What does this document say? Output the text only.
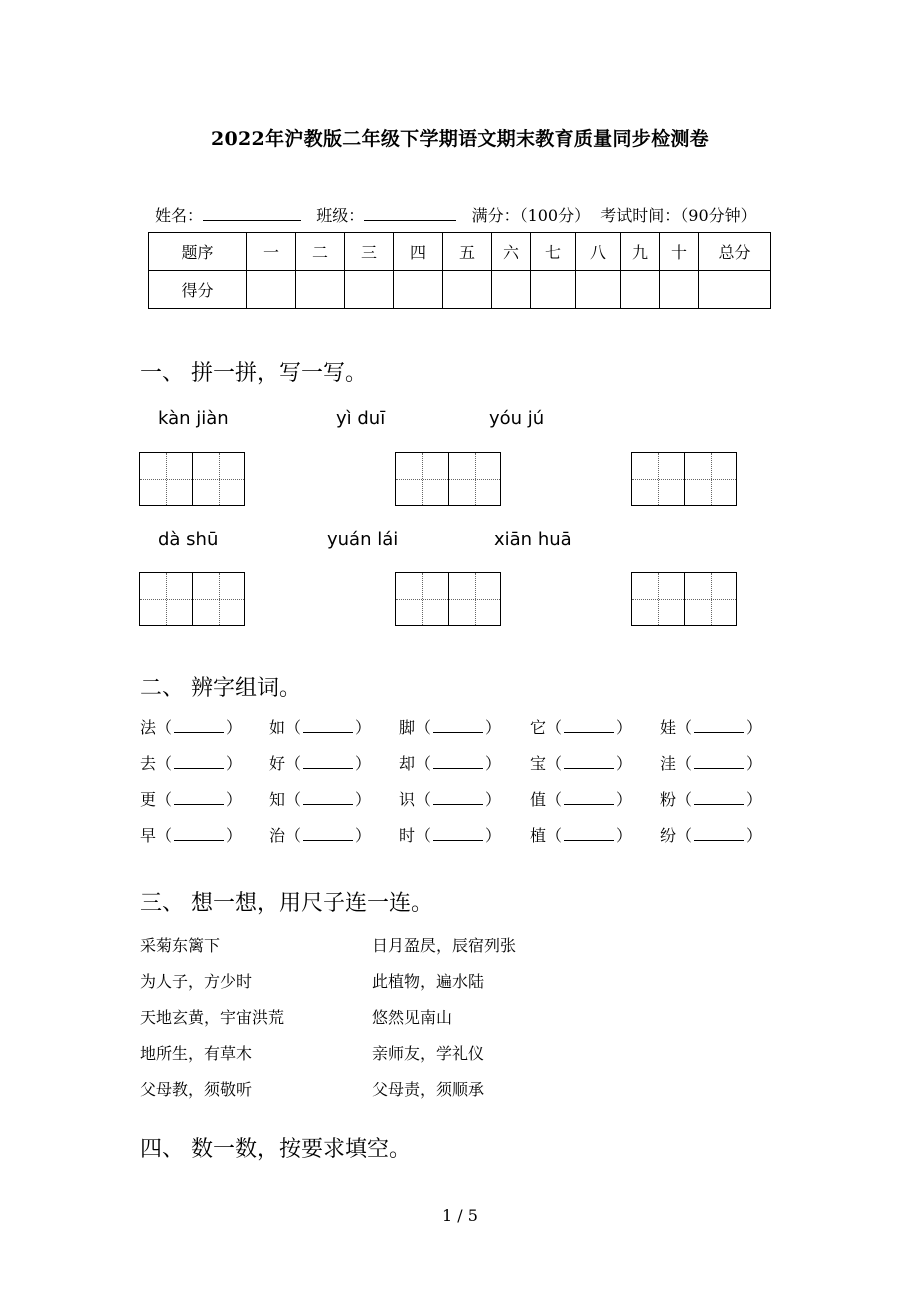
2022年沪教版二年级下学期语文期末教育质量同步检测卷
姓名：	班级：	满分：（100分） 考试时间：（90分钟）
题序	一	二	三	四	五	六	七	八	九	十	总分
得分											
一、 拼一拼，写一写。
kàn jiàn	yì duī	yóu jú
dà shū	yuán lái	xiān huā
二、 辨字组词。
法（	） 如（	） 脚（	） 它（	） 娃（	）
去（	） 好（	） 却（	） 宝（	） 洼（	）
更（	） 知（	） 识（	） 值（	） 粉（	）
早（	） 治（	） 时（	） 植（	） 纷（	）
三、 想一想，用尺子连一连。
采菊东篱下	日月盈昃，辰宿列张
为人子，方少时	此植物，遍水陆
天地玄黄，宇宙洪荒	悠然见南山
地所生，有草木	亲师友，学礼仪
父母教，须敬听	父母责，须顺承
四、 数一数，按要求填空。
1 / 5
